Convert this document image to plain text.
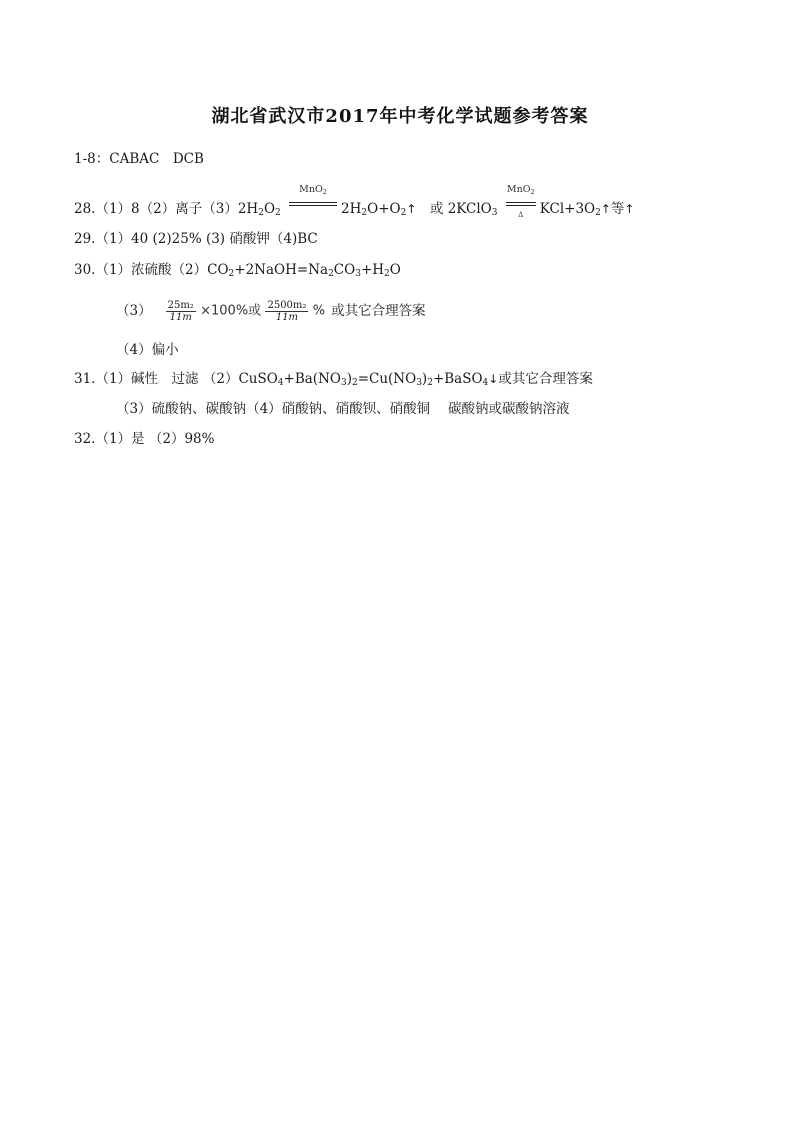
湖北省武汉市2017年中考化学试题参考答案
1-8：CABAC　DCB
28.（1）8（2）离子$(3)2H_2O_2$
MnO$_2$
$2H_2O+O_2↑$　或 2KClO$_3$
MnO$_2$
Δ	$KCl+3O_2↑$等↑
29.（1）40 (2)25% (3) 硝酸钾（4)BC
30.（1）浓硫酸$(2)CO_2+2NaOH=Na_2CO_3+H_2O$
$(3) \frac{\text{25m₂}}{11m} \times 100\%$或 $\frac{\text{2500m₂}}{11m}$ % 或其它合理答案
（4）偏小
31.（1）碱性　过滤 $(2)CuSO_4+Ba(NO_3)_2=Cu(NO_3)_2+BaSO_4↓$或其它合理答案
（3）硫酸钠、碳酸钠（4）硝酸钠、硝酸钡、硝酸铜　 碳酸钠或碳酸钠溶液
32.（1）是 （2）98%
